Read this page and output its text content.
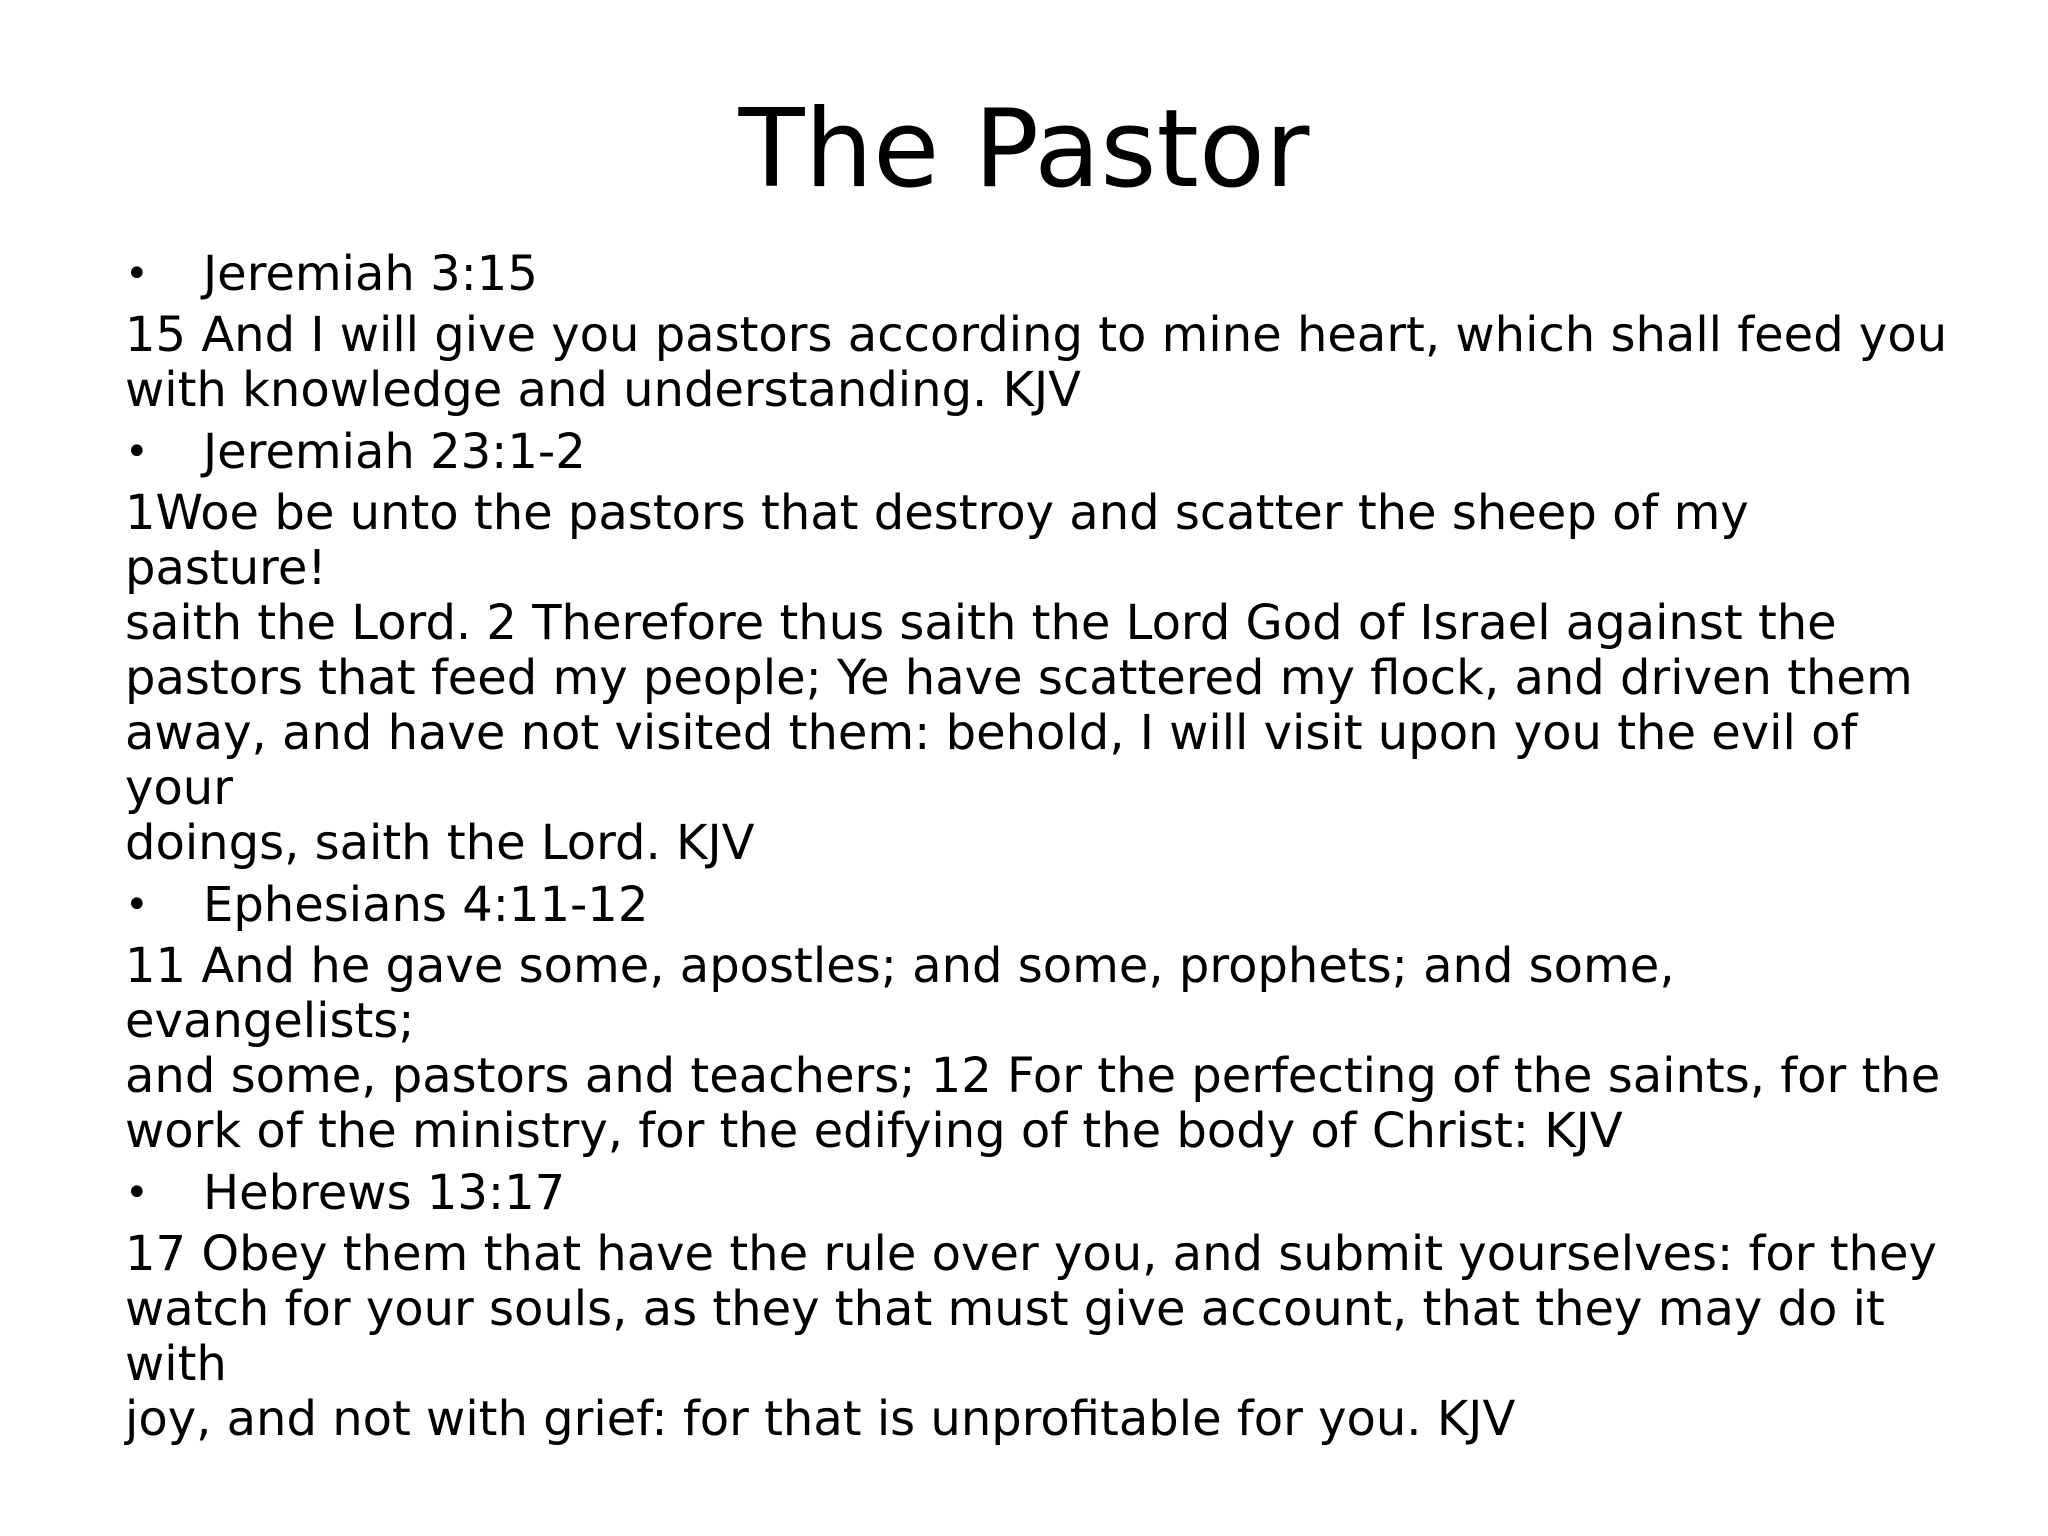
The Pastor
• Jeremiah 3:15
15 And I will give you pastors according to mine heart, which shall feed you
with knowledge and understanding. KJV
• Jeremiah 23:1-2
1Woe be unto the pastors that destroy and scatter the sheep of my pasture!
saith the Lord. 2 Therefore thus saith the Lord God of Israel against the
pastors that feed my people; Ye have scattered my flock, and driven them
away, and have not visited them: behold, I will visit upon you the evil of your
doings, saith the Lord. KJV
• Ephesians 4:11-12
11 And he gave some, apostles; and some, prophets; and some, evangelists;
and some, pastors and teachers; 12 For the perfecting of the saints, for the
work of the ministry, for the edifying of the body of Christ: KJV
• Hebrews 13:17
17 Obey them that have the rule over you, and submit yourselves: for they
watch for your souls, as they that must give account, that they may do it with
joy, and not with grief: for that is unprofitable for you. KJV
